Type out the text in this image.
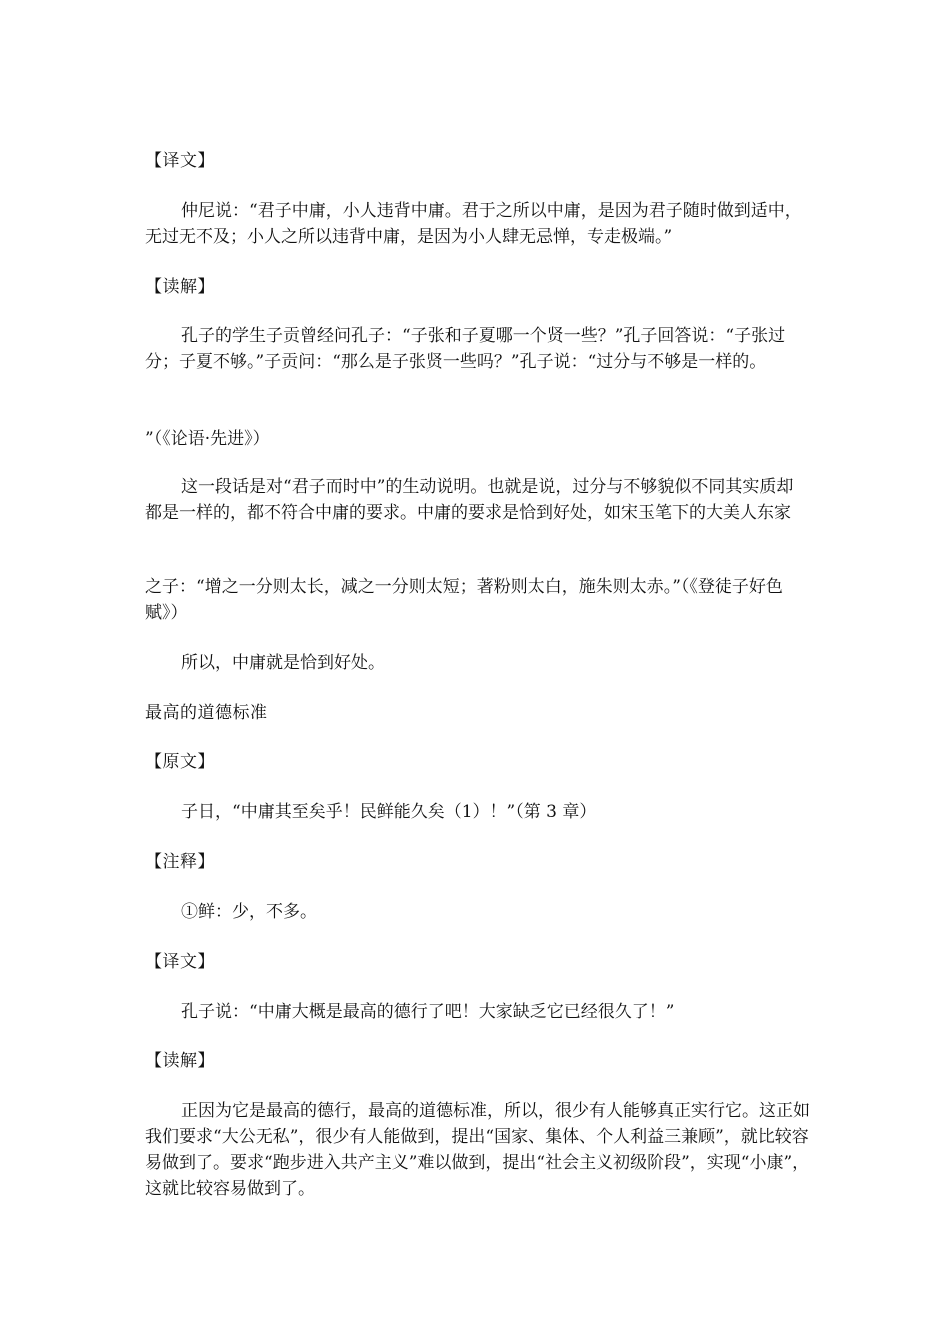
【译文】
仲尼说：“君子中庸，小人违背中庸。君于之所以中庸，是因为君子随时做到适中，无过无不及；小人之所以违背中庸，是因为小人肆无忌惮，专走极端。”
【读解】
孔子的学生子贡曾经问孔子：“子张和子夏哪一个贤一些？”孔子回答说：“子张过分；子夏不够。”子贡问：“那么是子张贤一些吗？”孔子说：“过分与不够是一样的。
”（《论语·先进》）
这一段话是对“君子而时中”的生动说明。也就是说，过分与不够貌似不同其实质却都是一样的，都不符合中庸的要求。中庸的要求是恰到好处，如宋玉笔下的大美人东家
之子：“增之一分则太长，减之一分则太短；著粉则太白，施朱则太赤。”（《登徒子好色赋》）
所以，中庸就是恰到好处。
最高的道德标准
【原文】
子日，“中庸其至矣乎！民鲜能久矣（1）！”（第 3 章）
【注释】
①鲜：少，不多。
【译文】
孔子说：“中庸大概是最高的德行了吧！大家缺乏它已经很久了！”
【读解】
正因为它是最高的德行，最高的道德标准，所以，很少有人能够真正实行它。这正如我们要求“大公无私”，很少有人能做到，提出“国家、集体、个人利益三兼顾”，就比较容易做到了。要求“跑步进入共产主义”难以做到，提出“社会主义初级阶段”，实现“小康”，这就比较容易做到了。
